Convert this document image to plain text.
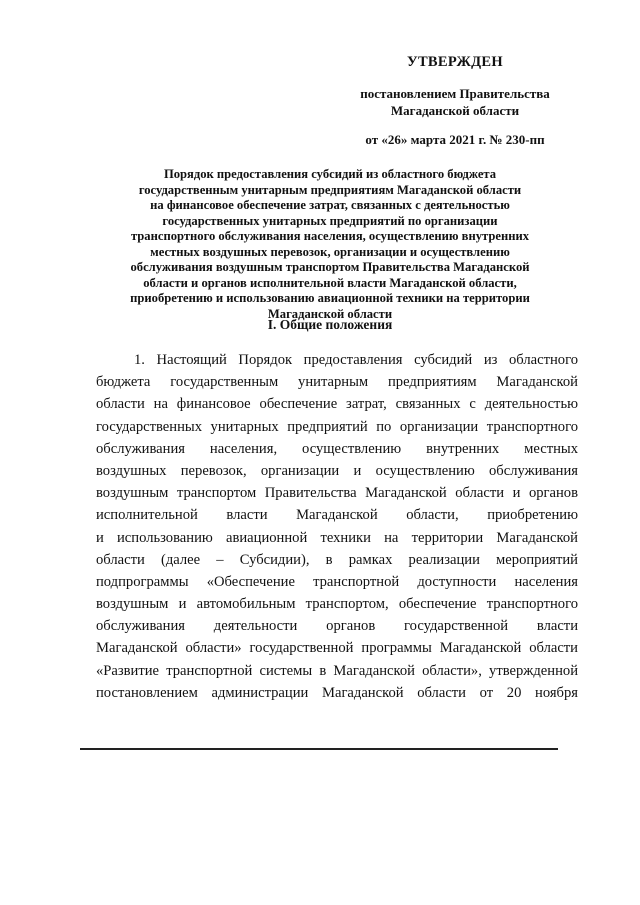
УТВЕРЖДЕН
постановлением Правительства
Магаданской области
от «26» марта 2021 г. № 230-пп
Порядок предоставления субсидий из областного бюджета
государственным унитарным предприятиям Магаданской области
на финансовое обеспечение затрат, связанных с деятельностью
государственных унитарных предприятий по организации
транспортного обслуживания населения, осуществлению внутренних
местных воздушных перевозок, организации и осуществлению
обслуживания воздушным транспортом Правительства Магаданской
области и органов исполнительной власти Магаданской области,
приобретению и использованию авиационной техники на территории
Магаданской области
I. Общие положения
1. Настоящий Порядок предоставления субсидий из областного
бюджета государственным унитарным предприятиям Магаданской
области на финансовое обеспечение затрат, связанных с деятельностью
государственных унитарных предприятий по организации транспортного
обслуживания населения, осуществлению внутренних местных
воздушных перевозок, организации и осуществлению обслуживания
воздушным транспортом Правительства Магаданской области и органов
исполнительной власти Магаданской области, приобретению
и использованию авиационной техники на территории Магаданской
области (далее – Субсидии), в рамках реализации мероприятий
подпрограммы «Обеспечение транспортной доступности населения
воздушным и автомобильным транспортом, обеспечение транспортного
обслуживания деятельности органов государственной власти
Магаданской области» государственной программы Магаданской области
«Развитие транспортной системы в Магаданской области», утвержденной
постановлением администрации Магаданской области от 20 ноября
